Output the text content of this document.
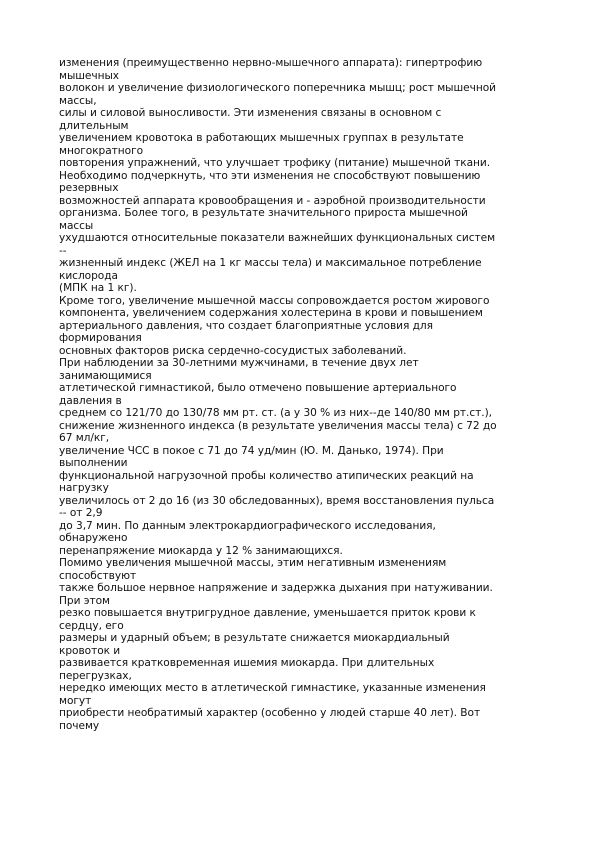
изменения (преимущественно нервно-мышечного аппарата): гипертрофию

мышечных

волокон и увеличение физиологического поперечника мышц; рост мышечной

массы,

силы и силовой выносливости. Эти изменения связаны в основном с

длительным

увеличением кровотока в работающих мышечных группах в результате

многократного

повторения упражнений, что улучшает трофику (питание) мышечной ткани.

Необходимо подчеркнуть, что эти изменения не способствуют повышению

резервных

возможностей аппарата кровообращения и - аэробной производительности

организма. Более того, в результате значительного прироста мышечной

массы

ухудшаются относительные показатели важнейших функциональных систем

--

жизненный индекс (ЖЕЛ на 1 кг массы тела) и максимальное потребление

кислорода

(МПК на 1 кг).

Кроме того, увеличение мышечной массы сопровождается ростом жирового

компонента, увеличением содержания холестерина в крови и повышением

артериального давления, что создает благоприятные условия для

формирования

основных факторов риска сердечно-сосудистых заболеваний.

При наблюдении за 30-летними мужчинами, в течение двух лет

занимающимися

атлетической гимнастикой, было отмечено повышение артериального

давления в

среднем со 121/70 до 130/78 мм рт. ст. (а у 30 % из них--де 140/80 мм рт.ст.),

снижение жизненного индекса (в результате увеличения массы тела) с 72 до

67 мл/кг,

увеличение ЧСС в покое с 71 до 74 уд/мин (Ю. М. Данько, 1974). При

выполнении

функциональной нагрузочной пробы количество атипических реакций на

нагрузку

увеличилось от 2 до 16 (из 30 обследованных), время восстановления пульса

-- от 2,9

до 3,7 мин. По данным электрокардиографического исследования,

обнаружено

перенапряжение миокарда у 12 % занимающихся.

Помимо увеличения мышечной массы, этим негативным изменениям

способствуют

также большое нервное напряжение и задержка дыхания при натуживании.

При этом

резко повышается внутригрудное давление, уменьшается приток крови к

сердцу, его

размеры и ударный объем; в результате снижается миокардиальный

кровоток и

развивается кратковременная ишемия миокарда. При длительных

перегрузках,

нередко имеющих место в атлетической гимнастике, указанные изменения

могут

приобрести необратимый характер (особенно у людей старше 40 лет). Вот

почему
